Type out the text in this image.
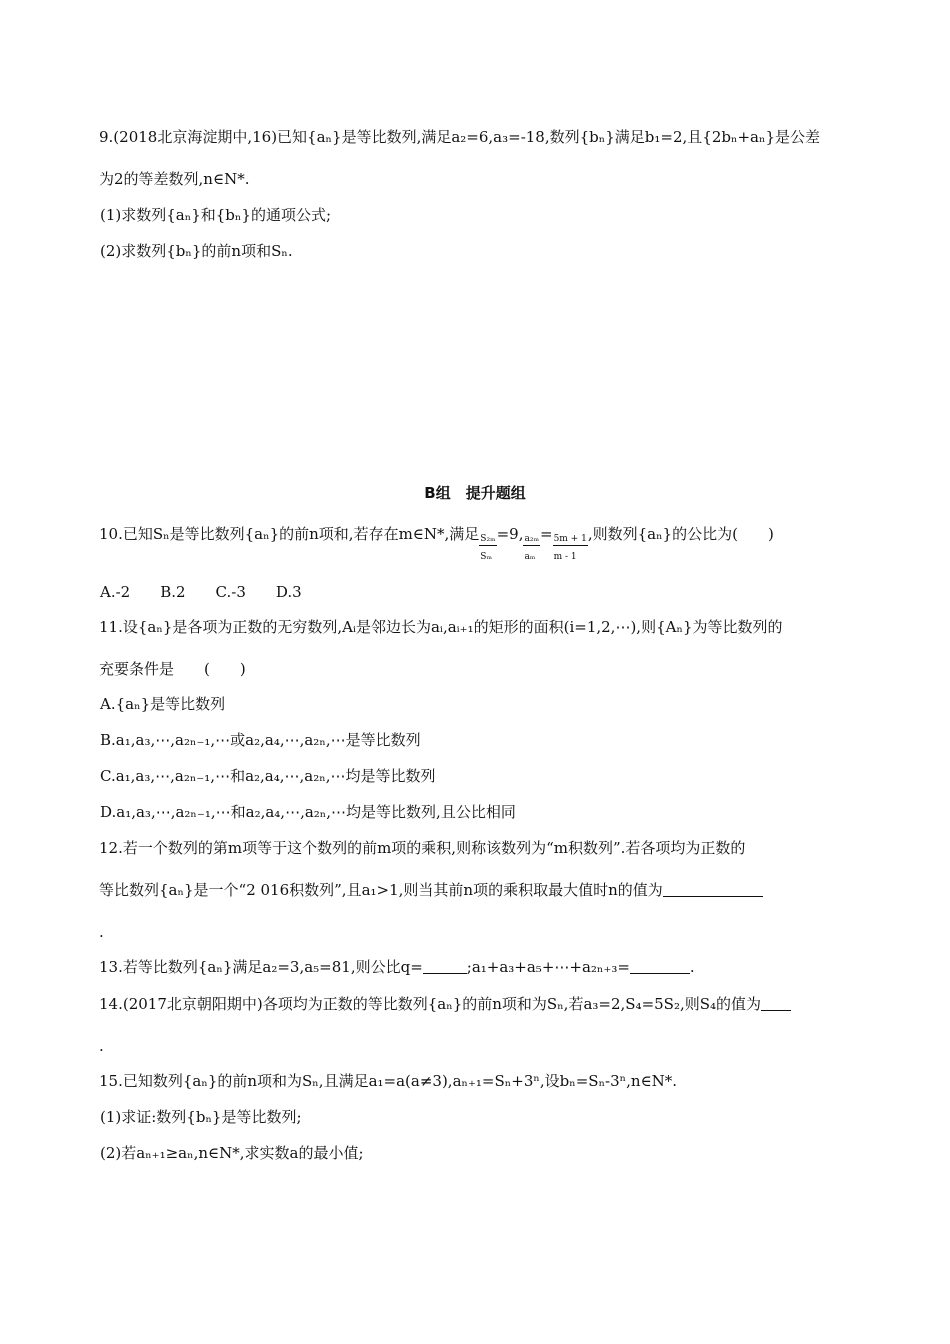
9.(2018北京海淀期中,16)已知{aₙ}是等比数列,满足a₂=6,a₃=-18,数列{bₙ}满足b₁=2,且{2bₙ+aₙ}是公差
为2的等差数列,n∈N*.
(1)求数列{aₙ}和{bₙ}的通项公式;
(2)求数列{bₙ}的前n项和Sₙ.
B组　提升题组
10.已知Sₙ是等比数列{aₙ}的前n项和,若存在m∈N*,满足 $\frac{\text{S₂ₘ}}{\text{Sₘ}} =9$, $\frac{\text{a₂ₘ}}{\text{aₘ}} = \frac{5m + 1}{m - 1}$ ,则数列{aₙ}的公比为(　　)
A.-2　　B.2　　C.-3　　D.3
11.设{aₙ}是各项为正数的无穷数列,Aᵢ是邻边长为aᵢ,aᵢ₊₁的矩形的面积(i=1,2,⋯),则{Aₙ}为等比数列的
充要条件是　　(　　)
A.{aₙ}是等比数列
B.a₁,a₃,⋯,a₂ₙ₋₁,⋯或a₂,a₄,⋯,a₂ₙ,⋯是等比数列
C.a₁,a₃,⋯,a₂ₙ₋₁,⋯和a₂,a₄,⋯,a₂ₙ,⋯均是等比数列
D.a₁,a₃,⋯,a₂ₙ₋₁,⋯和a₂,a₄,⋯,a₂ₙ,⋯均是等比数列,且公比相同
12.若一个数列的第m项等于这个数列的前m项的乘积,则称该数列为“m积数列”.若各项均为正数的
等比数列{aₙ}是一个“2 016积数列”,且a₁>1,则当其前n项的乘积取最大值时n的值为
.
13.若等比数列{aₙ}满足a₂=3,a₅=81,则公比q=	;a₁+a₃+a₅+⋯+a₂ₙ₊₃=	.
14.(2017北京朝阳期中)各项均为正数的等比数列{aₙ}的前n项和为Sₙ,若a₃=2,S₄=5S₂,则S₄的值为
.
15.已知数列{aₙ}的前n项和为Sₙ,且满足a₁=a(a≠3),aₙ₊₁=Sₙ+3ⁿ,设bₙ=Sₙ-3ⁿ,n∈N*.
(1)求证:数列{bₙ}是等比数列;
(2)若aₙ₊₁≥aₙ,n∈N*,求实数a的最小值;
